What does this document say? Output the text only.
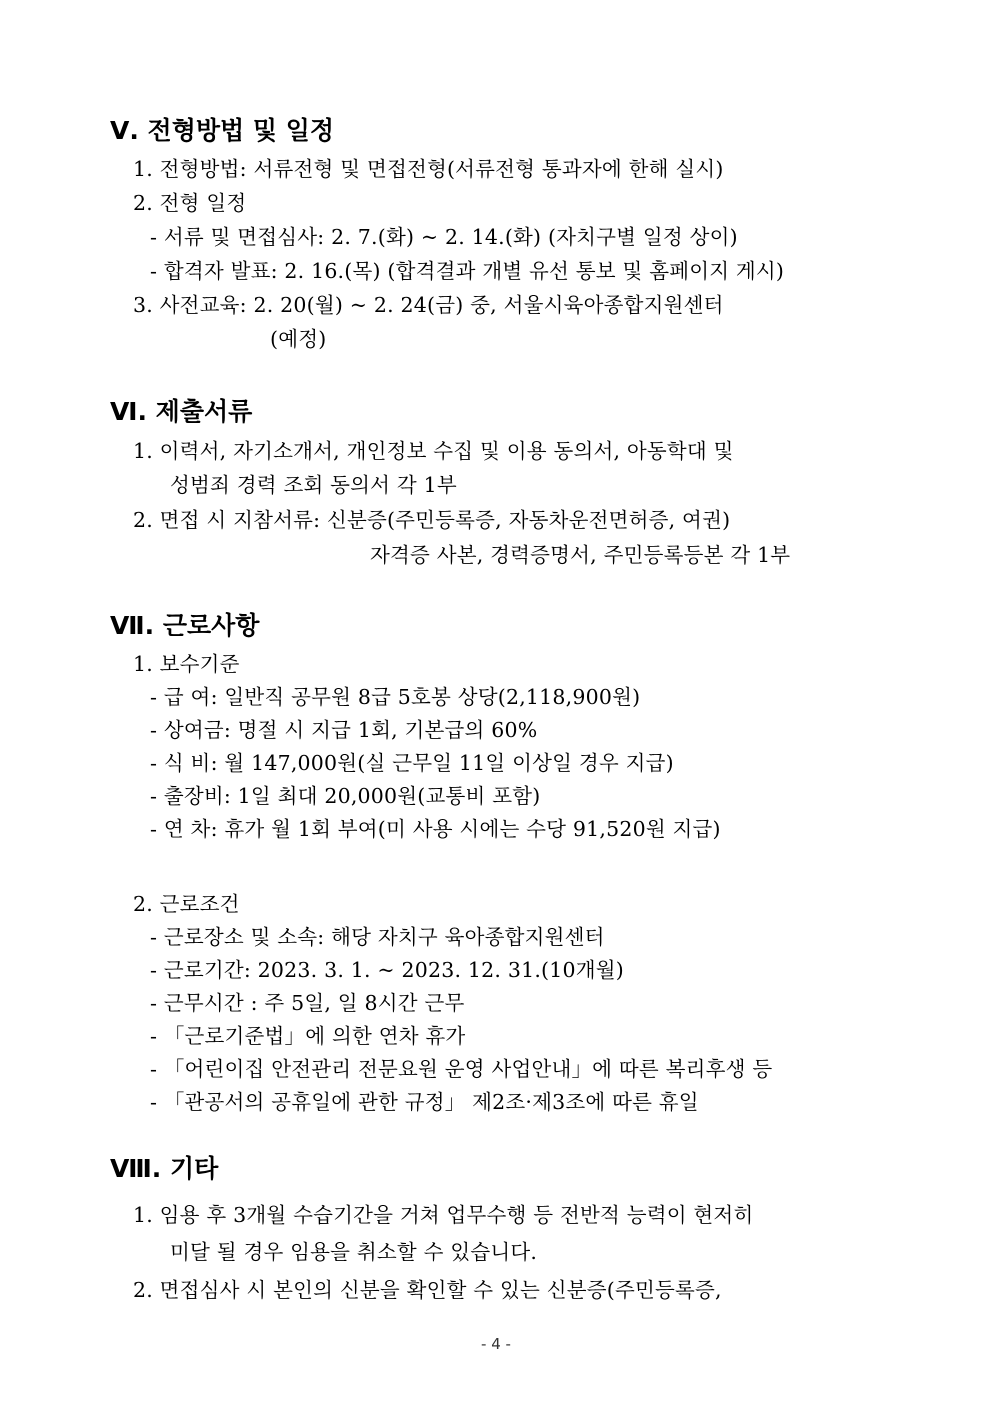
Ⅴ. 전형방법 및 일정
1. 전형방법: 서류전형 및 면접전형(서류전형 통과자에 한해 실시)
2. 전형 일정
- 서류 및 면접심사: 2. 7.(화) ~ 2. 14.(화) (자치구별 일정 상이)
- 합격자 발표: 2. 16.(목) (합격결과 개별 유선 통보 및 홈페이지 게시)
3. 사전교육: 2. 20(월) ~ 2. 24(금) 중, 서울시육아종합지원센터
(예정)
Ⅵ. 제출서류
1. 이력서, 자기소개서, 개인정보 수집 및 이용 동의서, 아동학대 및
성범죄 경력 조회 동의서 각 1부
2. 면접 시 지참서류: 신분증(주민등록증, 자동차운전면허증, 여권)
자격증 사본, 경력증명서, 주민등록등본 각 1부
Ⅶ. 근로사항
1. 보수기준
- 급 여: 일반직 공무원 8급 5호봉 상당(2,118,900원)
- 상여금: 명절 시 지급 1회, 기본급의 60%
- 식 비: 월 147,000원(실 근무일 11일 이상일 경우 지급)
- 출장비: 1일 최대 20,000원(교통비 포함)
- 연 차: 휴가 월 1회 부여(미 사용 시에는 수당 91,520원 지급)
2. 근로조건
- 근로장소 및 소속: 해당 자치구 육아종합지원센터
- 근로기간: 2023. 3. 1. ~ 2023. 12. 31.(10개월)
- 근무시간 : 주 5일, 일 8시간 근무
- 「근로기준법」에 의한 연차 휴가
- 「어린이집 안전관리 전문요원 운영 사업안내」에 따른 복리후생 등
- 「관공서의 공휴일에 관한 규정」 제2조·제3조에 따른 휴일
Ⅷ. 기타
1. 임용 후 3개월 수습기간을 거쳐 업무수행 등 전반적 능력이 현저히
미달 될 경우 임용을 취소할 수 있습니다.
2. 면접심사 시 본인의 신분을 확인할 수 있는 신분증(주민등록증,
- 4 -
